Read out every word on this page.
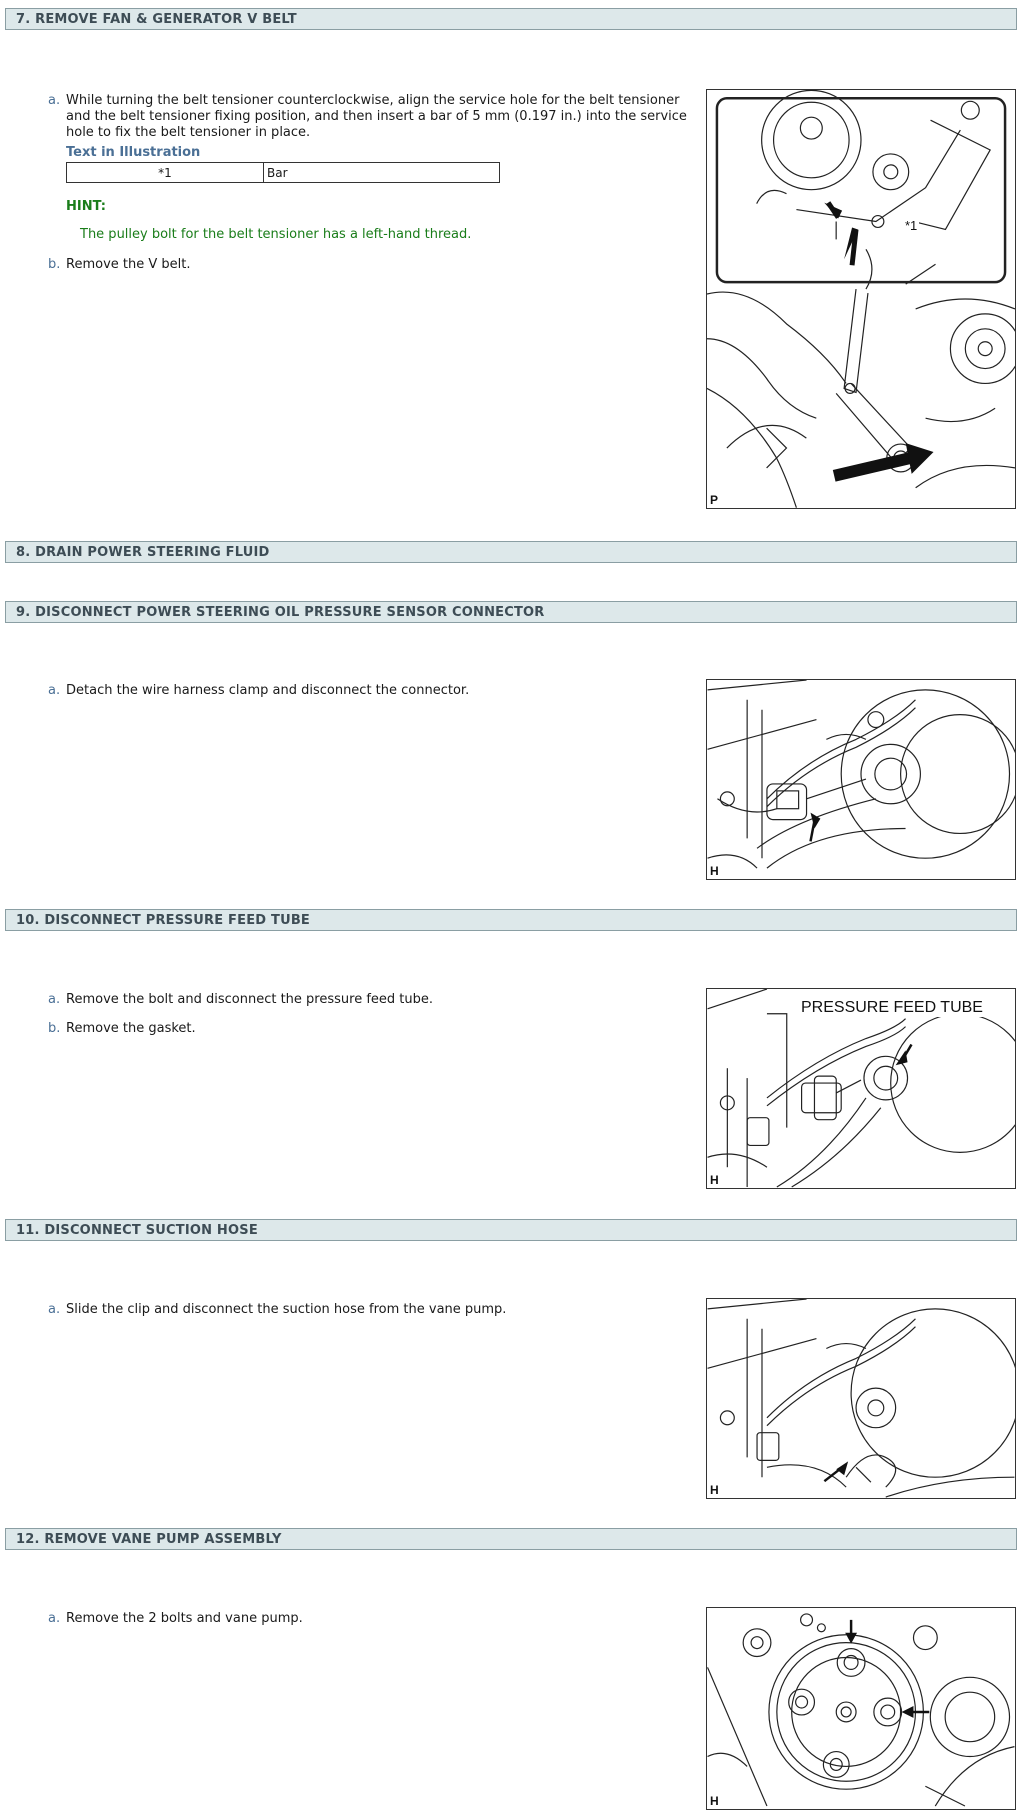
7. REMOVE FAN & GENERATOR V BELT
a. While turning the belt tensioner counterclockwise, align the service hole for the belt tensioner and the belt tensioner fixing position, and then insert a bar of 5 mm (0.197 in.) into the service hole to fix the belt tensioner in place.
Text in Illustration
*1	Bar
HINT:
The pulley bolt for the belt tensioner has a left-hand thread.
b. Remove the V belt.
*1
P
8. DRAIN POWER STEERING FLUID
9. DISCONNECT POWER STEERING OIL PRESSURE SENSOR CONNECTOR
a. Detach the wire harness clamp and disconnect the connector.
H
10. DISCONNECT PRESSURE FEED TUBE
a. Remove the bolt and disconnect the pressure feed tube.
b. Remove the gasket.
PRESSURE FEED TUBE
H
11. DISCONNECT SUCTION HOSE
a. Slide the clip and disconnect the suction hose from the vane pump.
H
12. REMOVE VANE PUMP ASSEMBLY
a. Remove the 2 bolts and vane pump.
H
